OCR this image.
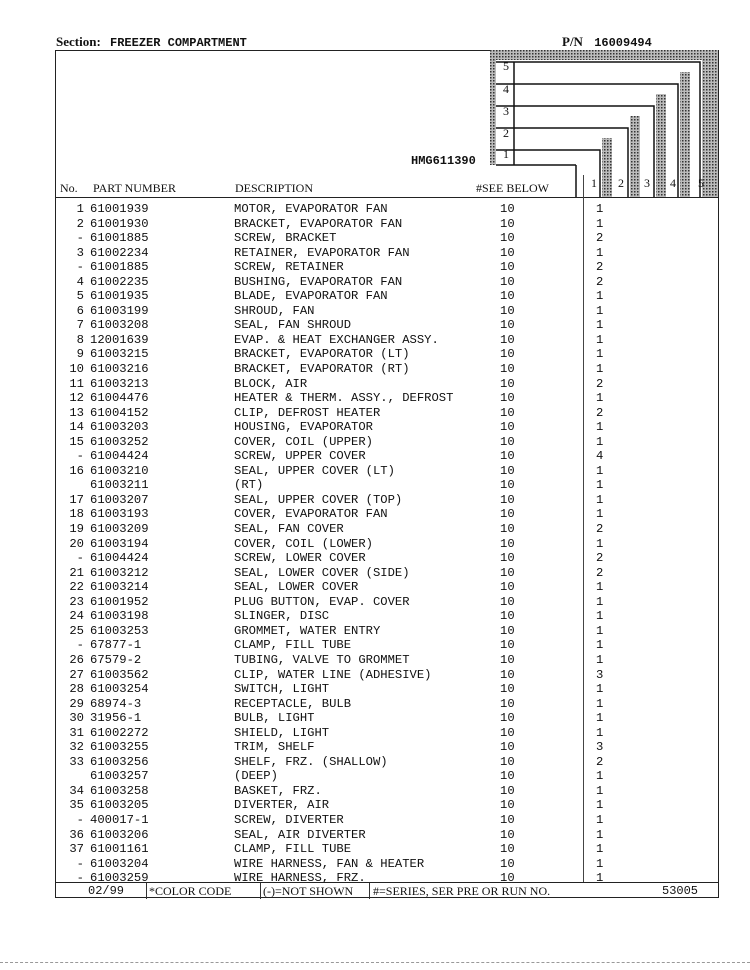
Section: FREEZER COMPARTMENT	P/N 16009494
HMG611390
5
4
3
2
1
1 2 3 4 5
No. PART NUMBER	DESCRIPTION	#SEE BELOW
1 61001939	MOTOR, EVAPORATOR FAN	10	1
2 61001930	BRACKET, EVAPORATOR FAN	10	1
- 61001885	SCREW, BRACKET	10	2
3 61002234	RETAINER, EVAPORATOR FAN	10	1
- 61001885	SCREW, RETAINER	10	2
4 61002235	BUSHING, EVAPORATOR FAN	10	2
5 61001935	BLADE, EVAPORATOR FAN	10	1
6 61003199	SHROUD, FAN	10	1
7 61003208	SEAL, FAN SHROUD	10	1
8 12001639	EVAP. & HEAT EXCHANGER ASSY.	10	1
9 61003215	BRACKET, EVAPORATOR (LT)	10	1
10 61003216	BRACKET, EVAPORATOR (RT)	10	1
11 61003213	BLOCK, AIR	10	2
12 61004476	HEATER & THERM. ASSY., DEFROST	10	1
13 61004152	CLIP, DEFROST HEATER	10	2
14 61003203	HOUSING, EVAPORATOR	10	1
15 61003252	COVER, COIL (UPPER)	10	1
- 61004424	SCREW, UPPER COVER	10	4
16 61003210	SEAL, UPPER COVER (LT)	10	1
61003211	(RT)	10	1
17 61003207	SEAL, UPPER COVER (TOP)	10	1
18 61003193	COVER, EVAPORATOR FAN	10	1
19 61003209	SEAL, FAN COVER	10	2
20 61003194	COVER, COIL (LOWER)	10	1
- 61004424	SCREW, LOWER COVER	10	2
21 61003212	SEAL, LOWER COVER (SIDE)	10	2
22 61003214	SEAL, LOWER COVER	10	1
23 61001952	PLUG BUTTON, EVAP. COVER	10	1
24 61003198	SLINGER, DISC	10	1
25 61003253	GROMMET, WATER ENTRY	10	1
- 67877-1	CLAMP, FILL TUBE	10	1
26 67579-2	TUBING, VALVE TO GROMMET	10	1
27 61003562	CLIP, WATER LINE (ADHESIVE)	10	3
28 61003254	SWITCH, LIGHT	10	1
29 68974-3	RECEPTACLE, BULB	10	1
30 31956-1	BULB, LIGHT	10	1
31 61002272	SHIELD, LIGHT	10	1
32 61003255	TRIM, SHELF	10	3
33 61003256	SHELF, FRZ. (SHALLOW)	10	2
61003257	(DEEP)	10	1
34 61003258	BASKET, FRZ.	10	1
35 61003205	DIVERTER, AIR	10	1
- 400017-1	SCREW, DIVERTER	10	1
36 61003206	SEAL, AIR DIVERTER	10	1
37 61001161	CLAMP, FILL TUBE	10	1
- 61003204	WIRE HARNESS, FAN & HEATER	10	1
- 61003259	WIRE HARNESS, FRZ.	10	1
02/99 *COLOR CODE	(-)=NOT SHOWN #=SERIES, SER PRE OR RUN NO.	53005
